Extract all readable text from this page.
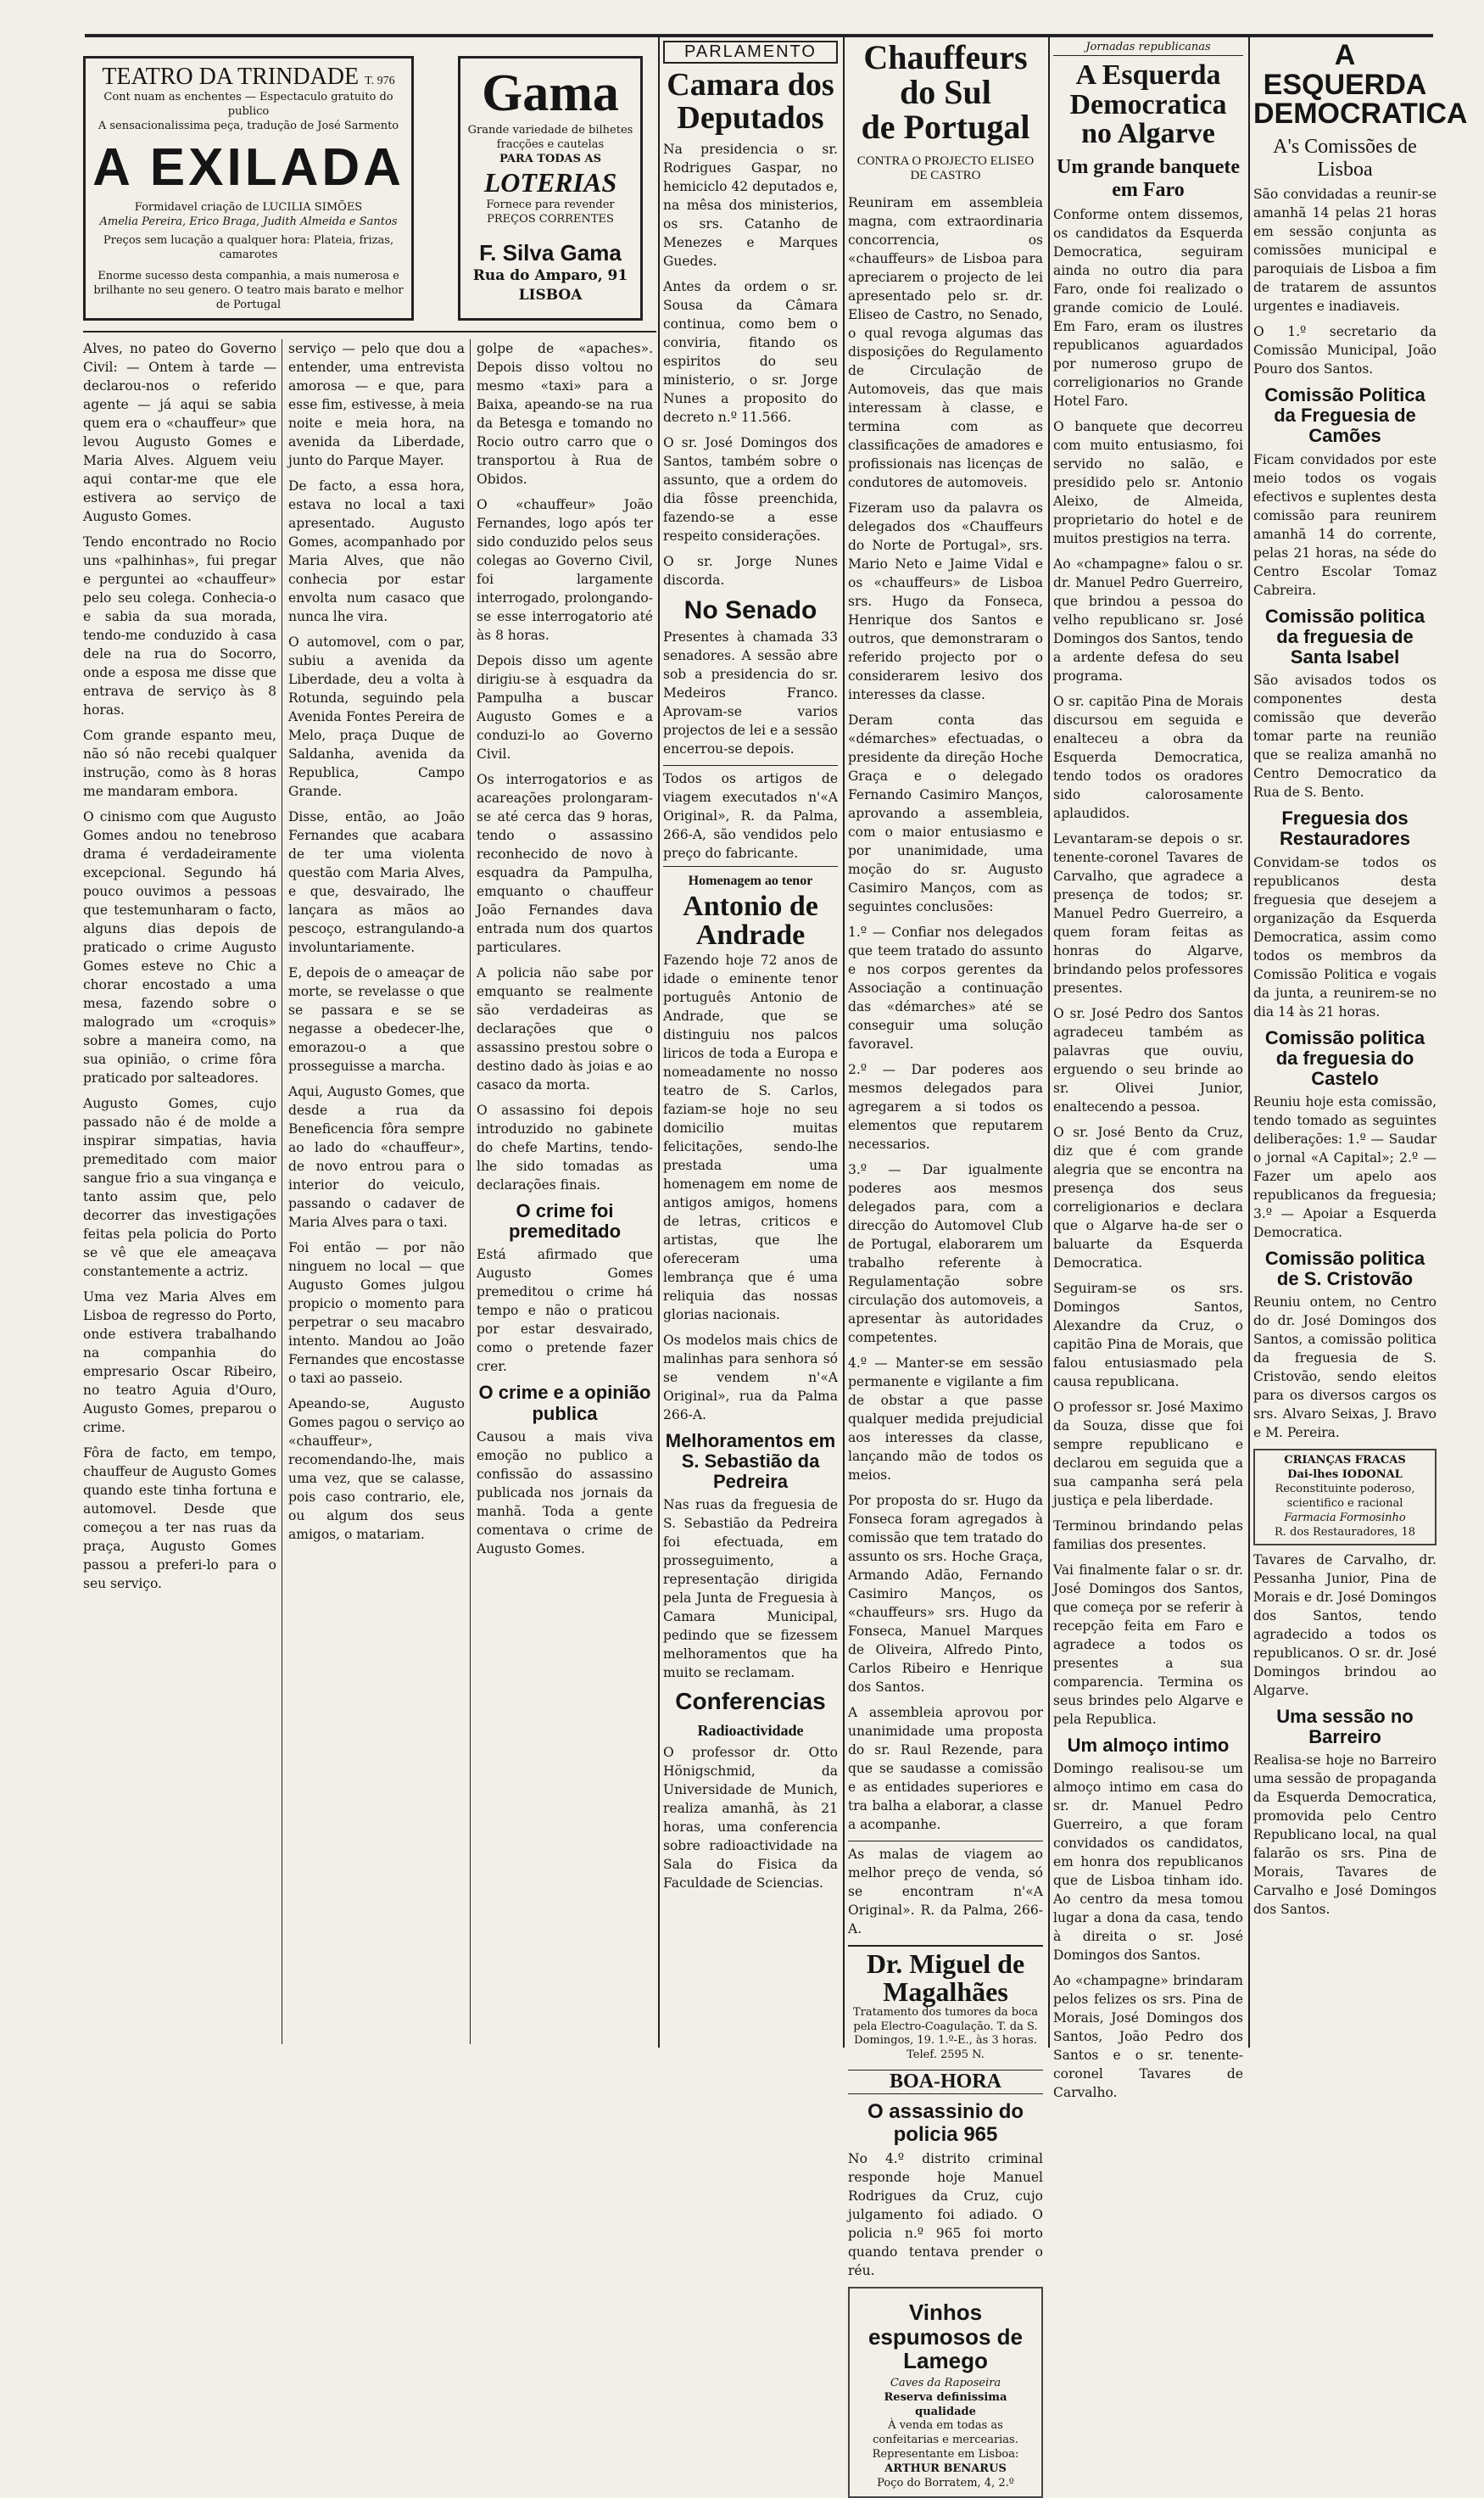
TEATRO DA TRINDADE T. 976

Cont nuam as enchentes — Espectaculo gratuito do publico

A sensacionalissima peça, tradução de José Sarmento

A EXILADA

Formidavel criação de LUCILIA SIMÕES

Amelia Pereira, Erico Braga, Judith Almeida e Santos

Preços sem lucação a qualquer hora: Plateia, frizas, camarotes

Enorme sucesso desta companhia, a mais numerosa e

brilhante no seu genero. O teatro mais barato e melhor de Portugal

Gama

Grande variedade de bilhetes

fracções e cautelas

PARA TODAS AS

LOTERIAS

Fornece para revender

PREÇOS CORRENTES

F. Silva Gama

Rua do Amparo, 91

LISBOA

Alves, no pateo do Governo Civil: — Ontem à tarde — declarou-nos o referido agente — já aqui se sabia quem era o «chauffeur» que levou Augusto Gomes e Maria Alves. Alguem veiu aqui contar-me que ele estivera ao serviço de Augusto Gomes.

Tendo encontrado no Rocio uns «palhinhas», fui pregar e perguntei ao «chauffeur» pelo seu colega. Conhecia-o e sabia da sua morada, tendo-me conduzido à casa dele na rua do Socorro, onde a esposa me disse que entrava de serviço às 8 horas.

Com grande espanto meu, não só não recebi qualquer instrução, como às 8 horas me mandaram embora.

O cinismo com que Augusto Gomes andou no tenebroso drama é verdadeiramente excepcional. Segundo há pouco ouvimos a pessoas que testemunharam o facto, alguns dias depois de praticado o crime Augusto Gomes esteve no Chic a chorar encostado a uma mesa, fazendo sobre o malogrado um «croquis» sobre a maneira como, na sua opinião, o crime fôra praticado por salteadores.

Augusto Gomes, cujo passado não é de molde a inspirar simpatias, havia premeditado com maior sangue frio a sua vingança e tanto assim que, pelo decorrer das investigações feitas pela policia do Porto se vê que ele ameaçava constantemente a actriz.

Uma vez Maria Alves em Lisboa de regresso do Porto, onde estivera trabalhando na companhia do empresario Oscar Ribeiro, no teatro Aguia d'Ouro, Augusto Gomes, preparou o crime.

Fôra de facto, em tempo, chauffeur de Augusto Gomes quando este tinha fortuna e automovel. Desde que começou a ter nas ruas da praça, Augusto Gomes passou a preferi-lo para o seu serviço.

serviço — pelo que dou a entender, uma entrevista amorosa — e que, para esse fim, estivesse, à meia noite e meia hora, na avenida da Liberdade, junto do Parque Mayer.

De facto, a essa hora, estava no local a taxi apresentado. Augusto Gomes, acompanhado por Maria Alves, que não conhecia por estar envolta num casaco que nunca lhe vira.

O automovel, com o par, subiu a avenida da Liberdade, deu a volta à Rotunda, seguindo pela Avenida Fontes Pereira de Melo, praça Duque de Saldanha, avenida da Republica, Campo Grande.

Disse, então, ao João Fernandes que acabara de ter uma violenta questão com Maria Alves, e que, desvairado, lhe lançara as mãos ao pescoço, estrangulando-a involuntariamente.

E, depois de o ameaçar de morte, se revelasse o que se passara e se se negasse a obedecer-lhe, emorazou-o a que prosseguisse a marcha.

Aqui, Augusto Gomes, que desde a rua da Beneficencia fôra sempre ao lado do «chauffeur», de novo entrou para o interior do veiculo, passando o cadaver de Maria Alves para o taxi.

Foi então — por não ninguem no local — que Augusto Gomes julgou propicio o momento para perpetrar o seu macabro intento. Mandou ao João Fernandes que encostasse o taxi ao passeio.

Apeando-se, Augusto Gomes pagou o serviço ao «chauffeur», recomendando-lhe, mais uma vez, que se calasse, pois caso contrario, ele, ou algum dos seus amigos, o matariam.

golpe de «apaches». Depois disso voltou no mesmo «taxi» para a Baixa, apeando-se na rua da Betesga e tomando no Rocio outro carro que o transportou à Rua de Obidos.

O «chauffeur» João Fernandes, logo após ter sido conduzido pelos seus colegas ao Governo Civil, foi largamente interrogado, prolongando-se esse interrogatorio até às 8 horas.

Depois disso um agente dirigiu-se à esquadra da Pampulha a buscar Augusto Gomes e a conduzi-lo ao Governo Civil.

Os interrogatorios e as acareações prolongaram-se até cerca das 9 horas, tendo o assassino reconhecido de novo à esquadra da Pampulha, emquanto o chauffeur João Fernandes dava entrada num dos quartos particulares.

A policia não sabe por emquanto se realmente são verdadeiras as declarações que o assassino prestou sobre o destino dado às joias e ao casaco da morta.

O assassino foi depois introduzido no gabinete do chefe Martins, tendo-lhe sido tomadas as declarações finais.

O crime foi premeditado

Está afirmado que Augusto Gomes premeditou o crime há tempo e não o praticou por estar desvairado, como o pretende fazer crer.

O crime e a opinião publica

Causou a mais viva emoção no publico a confissão do assassino publicada nos jornais da manhã. Toda a gente comentava o crime de Augusto Gomes.

PARLAMENTO
Camara dos Deputados

Na presidencia o sr. Rodrigues Gaspar, no hemiciclo 42 deputados e, na mêsa dos ministerios, os srs. Catanho de Menezes e Marques Guedes.

Antes da ordem o sr. Sousa da Câmara continua, como bem o conviria, fitando os espiritos do seu ministerio, o sr. Jorge Nunes a proposito do decreto n.º 11.566.

O sr. José Domingos dos Santos, também sobre o assunto, que a ordem do dia fôsse preenchida, fazendo-se a esse respeito considerações.

O sr. Jorge Nunes discorda.

No Senado

Presentes à chamada 33 senadores. A sessão abre sob a presidencia do sr. Medeiros Franco. Aprovam-se varios projectos de lei e a sessão encerrou-se depois.

Todos os artigos de viagem executados n'«A Original», R. da Palma, 266-A, são vendidos pelo preço do fabricante.

Homenagem ao tenor
Antonio de Andrade

Fazendo hoje 72 anos de idade o eminente tenor português Antonio de Andrade, que se distinguiu nos palcos liricos de toda a Europa e nomeadamente no nosso teatro de S. Carlos, faziam-se hoje no seu domicilio muitas felicitações, sendo-lhe prestada uma homenagem em nome de antigos amigos, homens de letras, criticos e artistas, que lhe ofereceram uma lembrança que é uma reliquia das nossas glorias nacionais.

Os modelos mais chics de malinhas para senhora só se vendem n'«A Original», rua da Palma 266-A.

Melhoramentos em S. Sebastião da Pedreira

Nas ruas da freguesia de S. Sebastião da Pedreira foi efectuada, em prosseguimento, a representação dirigida pela Junta de Freguesia à Camara Municipal, pedindo que se fizessem melhoramentos que ha muito se reclamam.

Conferencias
Radioactividade

O professor dr. Otto Hönigschmid, da Universidade de Munich, realiza amanhã, às 21 horas, uma conferencia sobre radioactividade na Sala do Fisica da Faculdade de Sciencias.

Chauffeurs do Sul
de Portugal
CONTRA O PROJECTO ELISEO DE CASTRO

Reuniram em assembleia magna, com extraordinaria concorrencia, os «chauffeurs» de Lisboa para apreciarem o projecto de lei apresentado pelo sr. dr. Eliseo de Castro, no Senado, o qual revoga algumas das disposições do Regulamento de Circulação de Automoveis, das que mais interessam à classe, e termina com as classificações de amadores e profissionais nas licenças de condutores de automoveis.

Fizeram uso da palavra os delegados dos «Chauffeurs do Norte de Portugal», srs. Mario Neto e Jaime Vidal e os «chauffeurs» de Lisboa srs. Hugo da Fonseca, Henrique dos Santos e outros, que demonstraram o referido projecto por o considerarem lesivo dos interesses da classe.

Deram conta das «démarches» efectuadas, o presidente da direção Hoche Graça e o delegado Fernando Casimiro Manços, aprovando a assembleia, com o maior entusiasmo e por unanimidade, uma moção do sr. Augusto Casimiro Manços, com as seguintes conclusões:

1.º — Confiar nos delegados que teem tratado do assunto e nos corpos gerentes da Associação a continuação das «démarches» até se conseguir uma solução favoravel.

2.º — Dar poderes aos mesmos delegados para agregarem a si todos os elementos que reputarem necessarios.

3.º — Dar igualmente poderes aos mesmos delegados para, com a direcção do Automovel Club de Portugal, elaborarem um trabalho referente à Regulamentação sobre circulação dos automoveis, a apresentar às autoridades competentes.

4.º — Manter-se em sessão permanente e vigilante a fim de obstar a que passe qualquer medida prejudicial aos interesses da classe, lançando mão de todos os meios.

Por proposta do sr. Hugo da Fonseca foram agregados à comissão que tem tratado do assunto os srs. Hoche Graça, Armando Adão, Fernando Casimiro Manços, os «chauffeurs» srs. Hugo da Fonseca, Manuel Marques de Oliveira, Alfredo Pinto, Carlos Ribeiro e Henrique dos Santos.

A assembleia aprovou por unanimidade uma proposta do sr. Raul Rezende, para que se saudasse a comissão e as entidades superiores e tra balha a elaborar, a classe a acompanhe.

As malas de viagem ao melhor preço de venda, só se encontram n'«A Original». R. da Palma, 266-A.

Dr. Miguel de Magalhães

Tratamento dos tumores da boca pela Electro-Coagulação. T. da S. Domingos, 19. 1.º-E., às 3 horas. Telef. 2595 N.

BOA-HORA
O assassinio do policia 965

No 4.º distrito criminal responde hoje Manuel Rodrigues da Cruz, cujo julgamento foi adiado. O policia n.º 965 foi morto quando tentava prender o réu.

Vinhos espumosos de Lamego

Caves da Raposeira

Reserva definissima qualidade

À venda em todas as confeitarias e mercearias.

Representante em Lisboa:

ARTHUR BENARUS

Poço do Borratem, 4, 2.º

Jornadas republicanas
A Esquerda Democratica no Algarve
Um grande banquete em Faro

Conforme ontem dissemos, os candidatos da Esquerda Democratica, seguiram ainda no outro dia para Faro, onde foi realizado o grande comicio de Loulé. Em Faro, eram os ilustres republicanos aguardados por numeroso grupo de correligionarios no Grande Hotel Faro.

O banquete que decorreu com muito entusiasmo, foi servido no salão, e presidido pelo sr. Antonio Aleixo, de Almeida, proprietario do hotel e de muitos prestigios na terra.

Ao «champagne» falou o sr. dr. Manuel Pedro Guerreiro, que brindou a pessoa do velho republicano sr. José Domingos dos Santos, tendo a ardente defesa do seu programa.

O sr. capitão Pina de Morais discursou em seguida e enalteceu a obra da Esquerda Democratica, tendo todos os oradores sido calorosamente aplaudidos.

Levantaram-se depois o sr. tenente-coronel Tavares de Carvalho, que agradece a presença de todos; sr. Manuel Pedro Guerreiro, a quem foram feitas as honras do Algarve, brindando pelos professores presentes.

O sr. José Pedro dos Santos agradeceu também as palavras que ouviu, erguendo o seu brinde ao sr. Olivei Junior, enaltecendo a pessoa.

O sr. José Bento da Cruz, diz que é com grande alegria que se encontra na presença dos seus correligionarios e declara que o Algarve ha-de ser o baluarte da Esquerda Democratica.

Seguiram-se os srs. Domingos Santos, Alexandre da Cruz, o capitão Pina de Morais, que falou entusiasmado pela causa republicana.

O professor sr. José Maximo da Souza, disse que foi sempre republicano e declarou em seguida que a sua campanha será pela justiça e pela liberdade.

Terminou brindando pelas familias dos presentes.

Vai finalmente falar o sr. dr. José Domingos dos Santos, que começa por se referir à recepção feita em Faro e agradece a todos os presentes a sua comparencia. Termina os seus brindes pelo Algarve e pela Republica.

Um almoço intimo

Domingo realisou-se um almoço intimo em casa do sr. dr. Manuel Pedro Guerreiro, a que foram convidados os candidatos, em honra dos republicanos que de Lisboa tinham ido. Ao centro da mesa tomou lugar a dona da casa, tendo à direita o sr. José Domingos dos Santos.

Ao «champagne» brindaram pelos felizes os srs. Pina de Morais, José Domingos dos Santos, João Pedro dos Santos e o sr. tenente-coronel Tavares de Carvalho.

A ESQUERDA DEMOCRATICA
A's Comissões de Lisboa

São convidadas a reunir-se amanhã 14 pelas 21 horas em sessão conjunta as comissões municipal e paroquiais de Lisboa a fim de tratarem de assuntos urgentes e inadiaveis.

O 1.º secretario da Comissão Municipal, João Pouro dos Santos.

Comissão Politica da Freguesia de Camões

Ficam convidados por este meio todos os vogais efectivos e suplentes desta comissão para reunirem amanhã 14 do corrente, pelas 21 horas, na séde do Centro Escolar Tomaz Cabreira.

Comissão politica da freguesia de Santa Isabel

São avisados todos os componentes desta comissão que deverão tomar parte na reunião que se realiza amanhã no Centro Democratico da Rua de S. Bento.

Freguesia dos Restauradores

Convidam-se todos os republicanos desta freguesia que desejem a organização da Esquerda Democratica, assim como todos os membros da Comissão Politica e vogais da junta, a reunirem-se no dia 14 às 21 horas.

Comissão politica da freguesia do Castelo

Reuniu hoje esta comissão, tendo tomado as seguintes deliberações: 1.º — Saudar o jornal «A Capital»; 2.º — Fazer um apelo aos republicanos da freguesia; 3.º — Apoiar a Esquerda Democratica.

Comissão politica de S. Cristovão

Reuniu ontem, no Centro do dr. José Domingos dos Santos, a comissão politica da freguesia de S. Cristovão, sendo eleitos para os diversos cargos os srs. Alvaro Seixas, J. Bravo e M. Pereira.

CRIANÇAS FRACAS

Dai-lhes IODONAL

Reconstituinte poderoso, scientifico e racional

Farmacia Formosinho

R. dos Restauradores, 18

Tavares de Carvalho, dr. Pessanha Junior, Pina de Morais e dr. José Domingos dos Santos, tendo agradecido a todos os republicanos. O sr. dr. José Domingos brindou ao Algarve.

Uma sessão no Barreiro

Realisa-se hoje no Barreiro uma sessão de propaganda da Esquerda Democratica, promovida pelo Centro Republicano local, na qual falarão os srs. Pina de Morais, Tavares de Carvalho e José Domingos dos Santos.
